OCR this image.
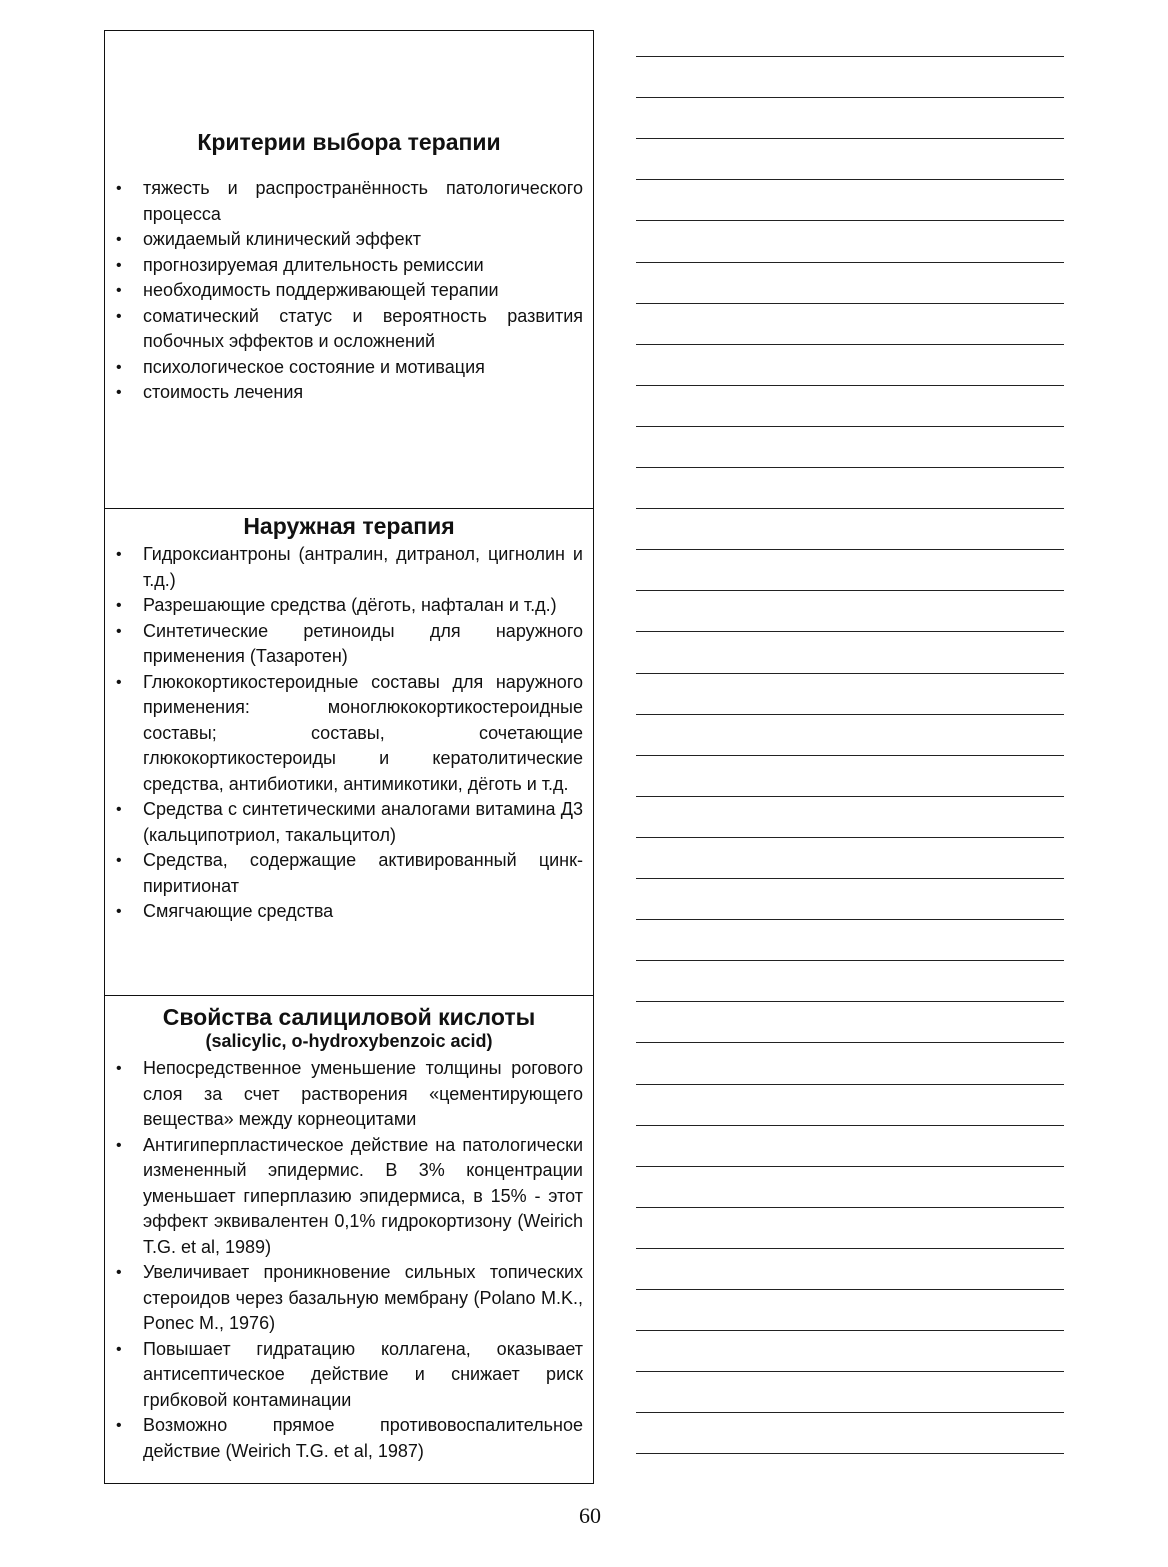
Критерии выбора терапии
• тяжесть и распространённость патологического процесса
• ожидаемый клинический эффект
• прогнозируемая длительность ремиссии
• необходимость поддерживающей терапии
• соматический статус и вероятность развития побочных эффектов и осложнений
• психологическое состояние и мотивация
• стоимость лечения
Наружная терапия
• Гидроксиантроны (антралин, дитранол, цигнолин и т.д.)
• Разрешающие средства (дёготь, нафталан и т.д.)
• Синтетические ретиноиды для наружного применения (Тазаротен)
• Глюкокортикостероидные составы для наружного применения: моноглюкокортикостероидные составы; составы, сочетающие глюкокортикостероиды и кератолитические средства, антибиотики, антимикотики, дёготь и т.д.
• Средства с синтетическими аналогами витамина Д3 (кальципотриол, такальцитол)
• Средства, содержащие активированный цинк-пиритионат
• Смягчающие средства
Свойства салициловой кислоты
(salicylic, o-hydroxybenzoic acid)
• Непосредственное уменьшение толщины рогового слоя за счет растворения «цементирующего вещества» между корнеоцитами
• Антигиперпластическое действие на патологически измененный эпидермис. В 3% концентрации уменьшает гиперплазию эпидермиса, в 15% - этот эффект эквивалентен 0,1% гидрокортизону (Weirich T.G. et al, 1989)
• Увеличивает проникновение сильных топических стероидов через базальную мембрану (Polano M.K., Ponec M., 1976)
• Повышает гидратацию коллагена, оказывает антисептическое действие и снижает риск грибковой контаминации
• Возможно прямое противовоспалительное действие (Weirich T.G. et al, 1987)
60
